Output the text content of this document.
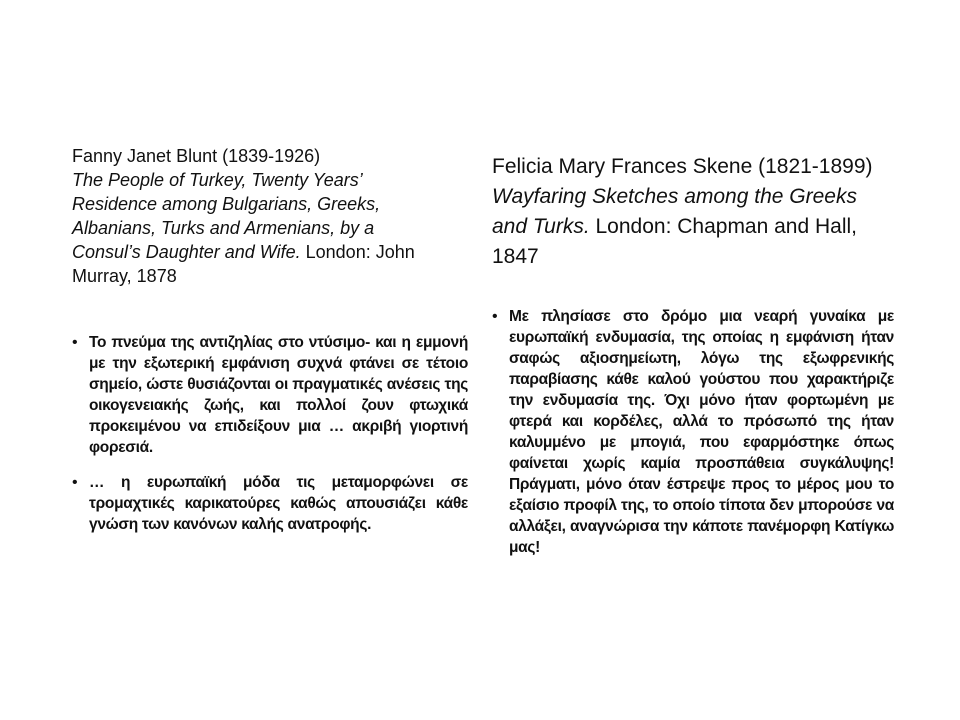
Fanny Janet Blunt (1839-1926)
The People of Turkey, Twenty Years’
Residence among Bulgarians, Greeks,
Albanians, Turks and Armenians, by a
Consul’s Daughter and Wife. London: John
Murray, 1878

• Το πνεύμα της αντιζηλίας στο ντύσιμο- και η εμμονή με την εξωτερική εμφάνιση συχνά φτάνει σε τέτοιο σημείο, ώστε θυσιάζονται οι πραγματικές ανέσεις της οικογενειακής ζωής, και πολλοί ζουν φτωχικά προκειμένου να επιδείξουν μια … ακριβή γιορτινή φορεσιά.
• … η ευρωπαϊκή μόδα τις μεταμορφώνει σε τρομαχτικές καρικατούρες καθώς απουσιάζει κάθε γνώση των κανόνων καλής ανατροφής.

Felicia Mary Frances Skene (1821-1899)
Wayfaring Sketches among the Greeks
and Turks. London: Chapman and Hall,
1847

• Με πλησίασε στο δρόμο μια νεαρή γυναίκα με ευρωπαϊκή ενδυμασία, της οποίας η εμφάνιση ήταν σαφώς αξιοσημείωτη, λόγω της εξωφρενικής παραβίασης κάθε καλού γούστου που χαρακτήριζε την ενδυμασία της. Όχι μόνο ήταν φορτωμένη με φτερά και κορδέλες, αλλά το πρόσωπό της ήταν καλυμμένο με μπογιά, που εφαρμόστηκε όπως φαίνεται χωρίς καμία προσπάθεια συγκάλυψης! Πράγματι, μόνο όταν έστρεψε προς το μέρος μου το εξαίσιο προφίλ της, το οποίο τίποτα δεν μπορούσε να αλλάξει, αναγνώρισα την κάποτε πανέμορφη Κατίγκω μας!
